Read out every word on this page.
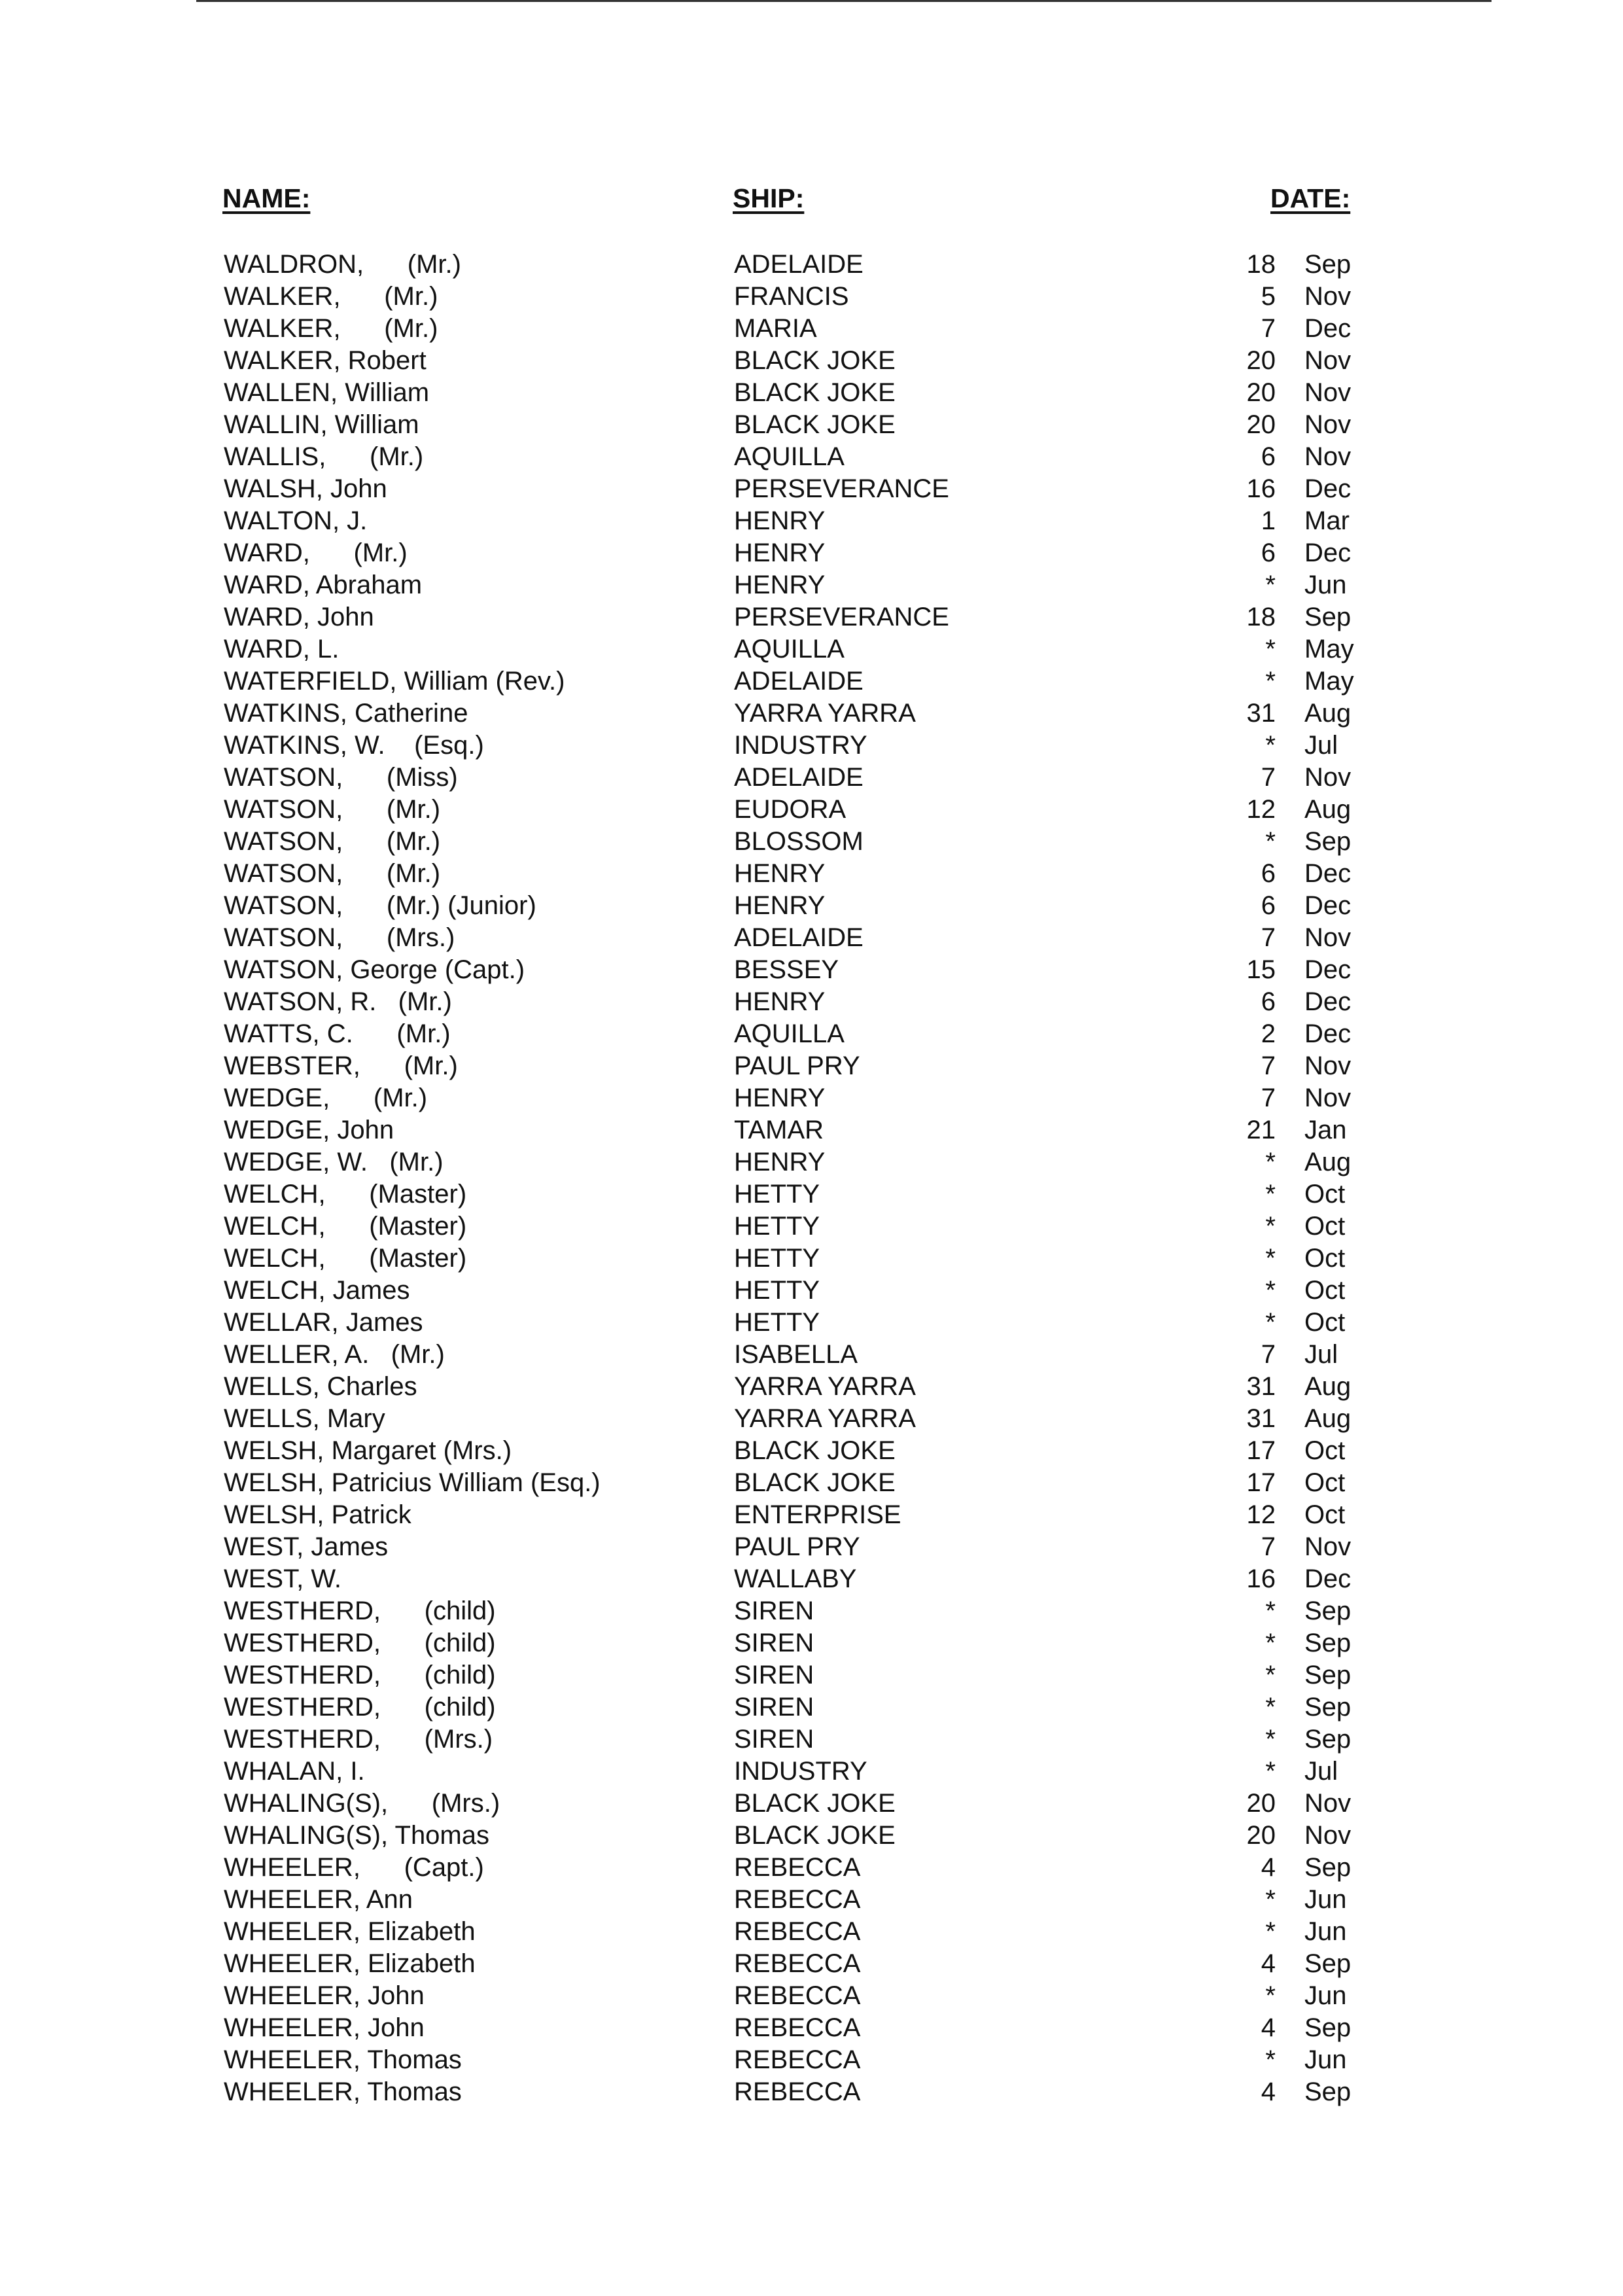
NAME:	SHIP:	DATE:
WALDRON,      (Mr.)	ADELAIDE	18 Sep
WALKER,      (Mr.)	FRANCIS	5 Nov
WALKER,      (Mr.)	MARIA	7 Dec
WALKER, Robert	BLACK JOKE	20 Nov
WALLEN, William	BLACK JOKE	20 Nov
WALLIN, William	BLACK JOKE	20 Nov
WALLIS,      (Mr.)	AQUILLA	6 Nov
WALSH, John	PERSEVERANCE	16 Dec
WALTON, J.	HENRY	1 Mar
WARD,      (Mr.)	HENRY	6 Dec
WARD, Abraham	HENRY	* Jun
WARD, John	PERSEVERANCE	18 Sep
WARD, L.	AQUILLA	* May
WATERFIELD, William (Rev.)	ADELAIDE	* May
WATKINS, Catherine	YARRA YARRA	31 Aug
WATKINS, W.    (Esq.)	INDUSTRY	* Jul
WATSON,      (Miss)	ADELAIDE	7 Nov
WATSON,      (Mr.)	EUDORA	12 Aug
WATSON,      (Mr.)	BLOSSOM	* Sep
WATSON,      (Mr.)	HENRY	6 Dec
WATSON,      (Mr.) (Junior)	HENRY	6 Dec
WATSON,      (Mrs.)	ADELAIDE	7 Nov
WATSON, George (Capt.)	BESSEY	15 Dec
WATSON, R.   (Mr.)	HENRY	6 Dec
WATTS, C.      (Mr.)	AQUILLA	2 Dec
WEBSTER,      (Mr.)	PAUL PRY	7 Nov
WEDGE,      (Mr.)	HENRY	7 Nov
WEDGE, John	TAMAR	21 Jan
WEDGE, W.   (Mr.)	HENRY	* Aug
WELCH,      (Master)	HETTY	* Oct
WELCH,      (Master)	HETTY	* Oct
WELCH,      (Master)	HETTY	* Oct
WELCH, James	HETTY	* Oct
WELLAR, James	HETTY	* Oct
WELLER, A.   (Mr.)	ISABELLA	7 Jul
WELLS, Charles	YARRA YARRA	31 Aug
WELLS, Mary	YARRA YARRA	31 Aug
WELSH, Margaret (Mrs.)	BLACK JOKE	17 Oct
WELSH, Patricius William (Esq.)	BLACK JOKE	17 Oct
WELSH, Patrick	ENTERPRISE	12 Oct
WEST, James	PAUL PRY	7 Nov
WEST, W.	WALLABY	16 Dec
WESTHERD,      (child)	SIREN	* Sep
WESTHERD,      (child)	SIREN	* Sep
WESTHERD,      (child)	SIREN	* Sep
WESTHERD,      (child)	SIREN	* Sep
WESTHERD,      (Mrs.)	SIREN	* Sep
WHALAN, I.	INDUSTRY	* Jul
WHALING(S),      (Mrs.)	BLACK JOKE	20 Nov
WHALING(S), Thomas	BLACK JOKE	20 Nov
WHEELER,      (Capt.)	REBECCA	4 Sep
WHEELER, Ann	REBECCA	* Jun
WHEELER, Elizabeth	REBECCA	* Jun
WHEELER, Elizabeth	REBECCA	4 Sep
WHEELER, John	REBECCA	* Jun
WHEELER, John	REBECCA	4 Sep
WHEELER, Thomas	REBECCA	* Jun
WHEELER, Thomas	REBECCA	4 Sep
